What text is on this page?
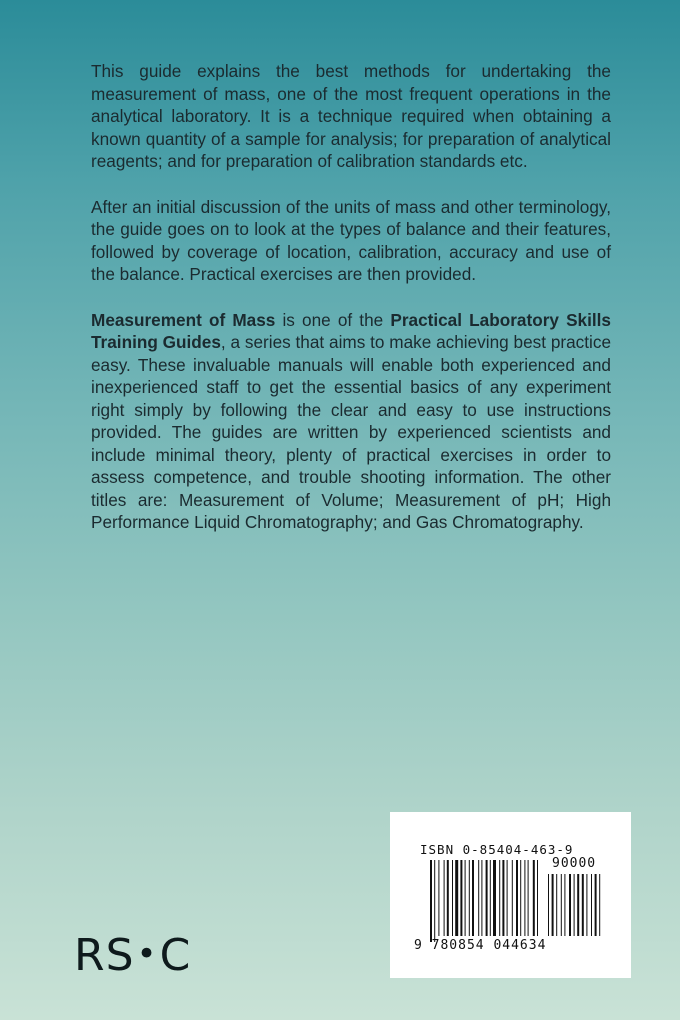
This guide explains the best methods for undertaking the measurement of mass, one of the most frequent operations in the analytical laboratory. It is a technique required when obtaining a known quantity of a sample for analysis; for preparation of analytical reagents; and for preparation of calibration standards etc.

After an initial discussion of the units of mass and other terminology, the guide goes on to look at the types of balance and their features, followed by coverage of location, calibration, accuracy and use of the balance. Practical exercises are then provided.

Measurement of Mass is one of the Practical Laboratory Skills Training Guides, a series that aims to make achieving best practice easy. These invaluable manuals will enable both experienced and inexperienced staff to get the essential basics of any experiment right simply by following the clear and easy to use instructions provided. The guides are written by experienced scientists and include minimal theory, plenty of practical exercises in order to assess competence, and trouble shooting information. The other titles are: Measurement of Volume; Measurement of pH; High Performance Liquid Chromatography; and Gas Chromatography.

ISBN 0-85404-463-9
90000
9 780854 044634
RS•C
